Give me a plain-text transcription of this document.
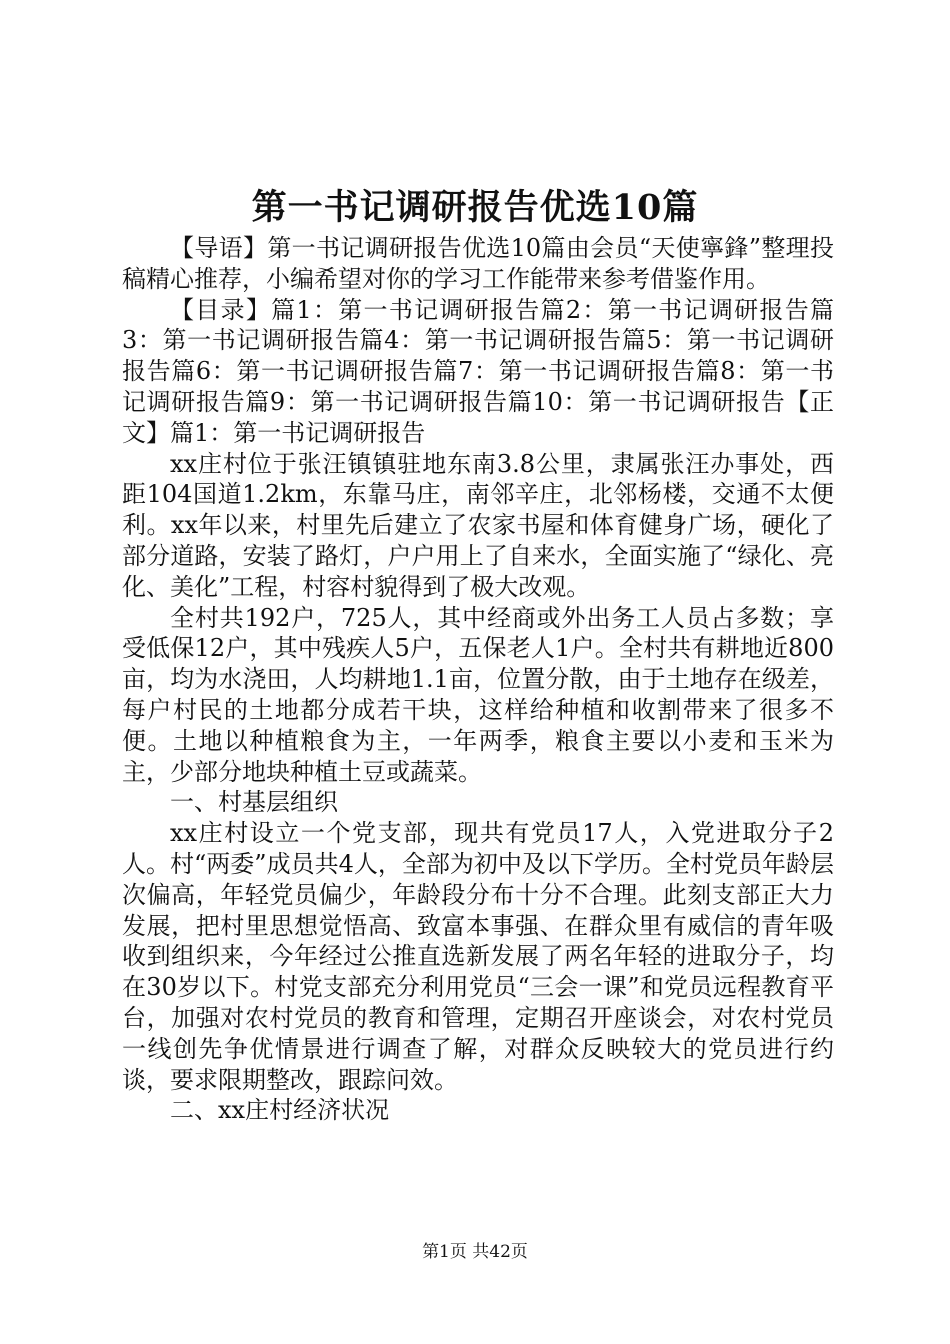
第一书记调研报告优选10篇

【导语】第一书记调研报告优选10篇由会员“天使寧鋒”整理投稿精心推荐，小编希望对你的学习工作能带来参考借鉴作用。

【目录】篇1：第一书记调研报告篇2：第一书记调研报告篇3：第一书记调研报告篇4：第一书记调研报告篇5：第一书记调研报告篇6：第一书记调研报告篇7：第一书记调研报告篇8：第一书记调研报告篇9：第一书记调研报告篇10：第一书记调研报告【正文】篇1：第一书记调研报告

xx庄村位于张汪镇镇驻地东南3.8公里，隶属张汪办事处，西距104国道1.2km，东靠马庄，南邻辛庄，北邻杨楼，交通不太便利。xx年以来，村里先后建立了农家书屋和体育健身广场，硬化了部分道路，安装了路灯，户户用上了自来水，全面实施了“绿化、亮化、美化”工程，村容村貌得到了极大改观。

全村共192户，725人，其中经商或外出务工人员占多数；享受低保12户，其中残疾人5户，五保老人1户。全村共有耕地近800亩，均为水浇田，人均耕地1.1亩，位置分散，由于土地存在级差，每户村民的土地都分成若干块，这样给种植和收割带来了很多不便。土地以种植粮食为主，一年两季，粮食主要以小麦和玉米为主，少部分地块种植土豆或蔬菜。

一、村基层组织

xx庄村设立一个党支部，现共有党员17人，入党进取分子2人。村“两委”成员共4人，全部为初中及以下学历。全村党员年龄层次偏高，年轻党员偏少，年龄段分布十分不合理。此刻支部正大力发展，把村里思想觉悟高、致富本事强、在群众里有威信的青年吸收到组织来，今年经过公推直选新发展了两名年轻的进取分子，均在30岁以下。村党支部充分利用党员“三会一课”和党员远程教育平台，加强对农村党员的教育和管理，定期召开座谈会，对农村党员一线创先争优情景进行调查了解，对群众反映较大的党员进行约谈，要求限期整改，跟踪问效。

二、xx庄村经济状况

第1页 共42页
